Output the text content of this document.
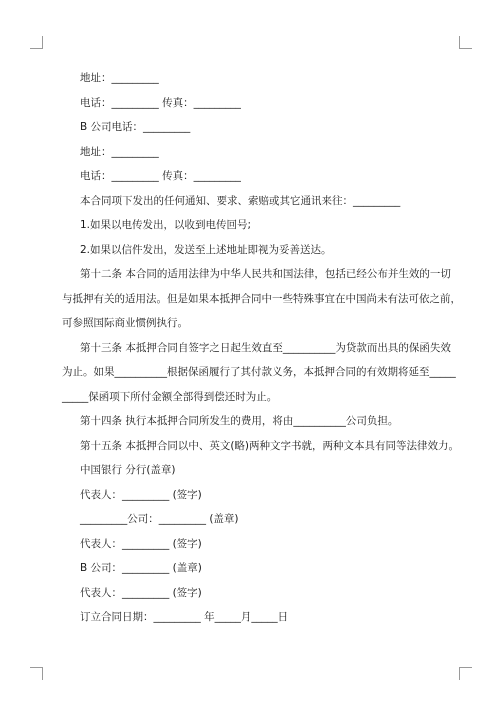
地址：_________
电话：_________ 传真：_________
B 公司电话：_________
地址：_________
电话：_________ 传真：_________
本合同项下发出的任何通知、要求、索赔或其它通讯来往：_________
1.如果以电传发出，以收到电传回号;
2.如果以信件发出，发送至上述地址即视为妥善送达。
第十二条 本合同的适用法律为中华人民共和国法律，包括已经公布并生效的一切
与抵押有关的适用法。但是如果本抵押合同中一些特殊事宜在中国尚未有法可依之前，
可参照国际商业惯例执行。
第十三条 本抵押合同自签字之日起生效直至__________为贷款而出具的保函失效
为止。如果__________根据保函履行了其付款义务，本抵押合同的有效期将延至_____
_____保函项下所付金额全部得到偿还时为止。
第十四条 执行本抵押合同所发生的费用，将由__________公司负担。
第十五条 本抵押合同以中、英文(略)两种文字书就，两种文本具有同等法律效力。
中国银行 分行(盖章)
代表人：_________ (签字)
_________公司：_________ (盖章)
代表人：_________ (签字)
B 公司：_________ (盖章)
代表人：_________ (签字)
订立合同日期：_________ 年_____月_____日
